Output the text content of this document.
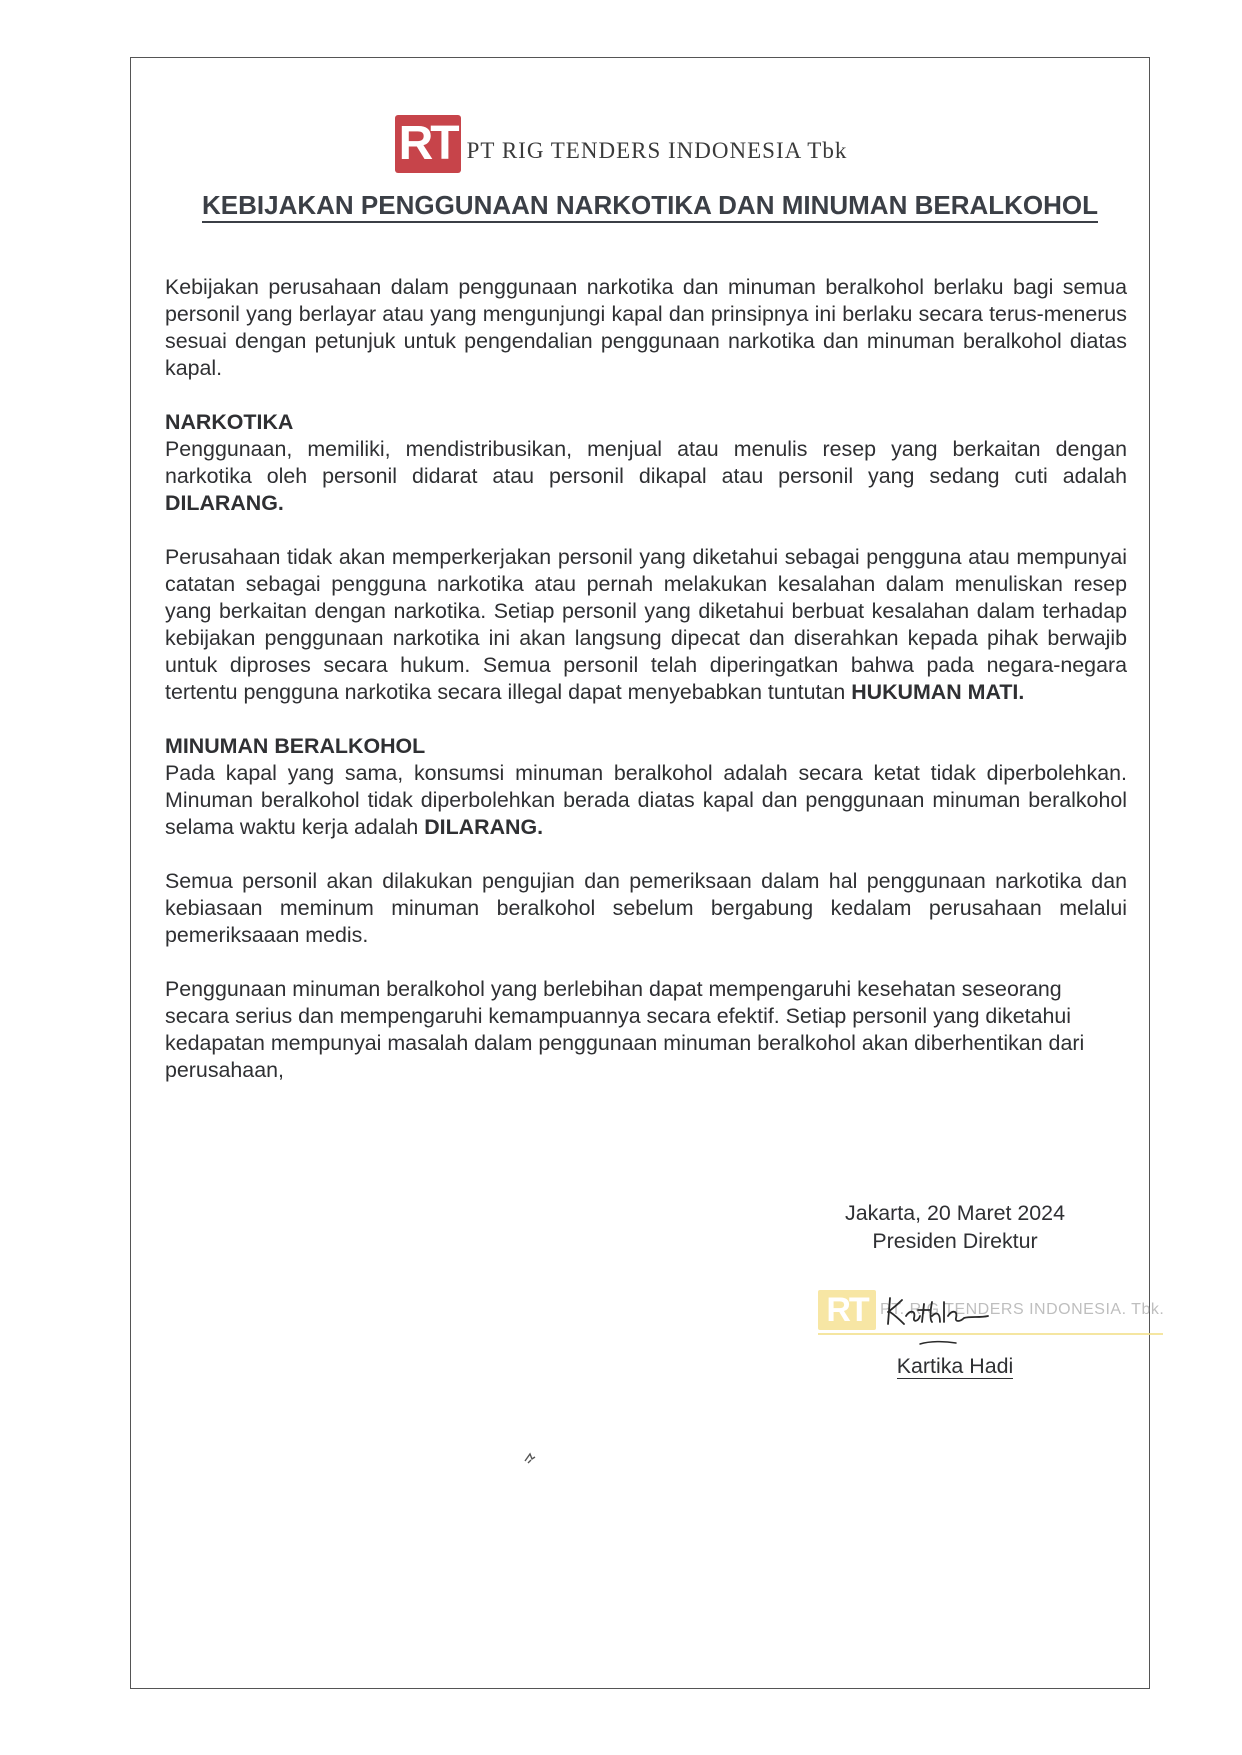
RT PT RIG TENDERS INDONESIA Tbk
KEBIJAKAN PENGGUNAAN NARKOTIKA DAN MINUMAN BERALKOHOL

Kebijakan perusahaan dalam penggunaan narkotika dan minuman beralkohol berlaku bagi semua personil yang berlayar atau yang mengunjungi kapal dan prinsipnya ini berlaku secara terus-menerus sesuai dengan petunjuk untuk pengendalian penggunaan narkotika dan minuman beralkohol diatas kapal.

NARKOTIKA

Penggunaan, memiliki, mendistribusikan, menjual atau menulis resep yang berkaitan dengan narkotika oleh personil didarat atau personil dikapal atau personil yang sedang cuti adalah DILARANG.

Perusahaan tidak akan memperkerjakan personil yang diketahui sebagai pengguna atau mempunyai catatan sebagai pengguna narkotika atau pernah melakukan kesalahan dalam menuliskan resep yang berkaitan dengan narkotika. Setiap personil yang diketahui berbuat kesalahan dalam terhadap kebijakan penggunaan narkotika ini akan langsung dipecat dan diserahkan kepada pihak berwajib untuk diproses secara hukum. Semua personil telah diperingatkan bahwa pada negara-negara tertentu pengguna narkotika secara illegal dapat menyebabkan tuntutan HUKUMAN MATI.

MINUMAN BERALKOHOL

Pada kapal yang sama, konsumsi minuman beralkohol adalah secara ketat tidak diperbolehkan. Minuman beralkohol tidak diperbolehkan berada diatas kapal dan penggunaan minuman beralkohol selama waktu kerja adalah DILARANG.

Semua personil akan dilakukan pengujian dan pemeriksaan dalam hal penggunaan narkotika dan kebiasaan meminum minuman beralkohol sebelum bergabung kedalam perusahaan melalui pemeriksaaan medis.

Penggunaan minuman beralkohol yang berlebihan dapat mempengaruhi kesehatan seseorang secara serius dan mempengaruhi kemampuannya secara efektif. Setiap personil yang diketahui kedapatan mempunyai masalah dalam penggunaan minuman beralkohol akan diberhentikan dari perusahaan,

Jakarta, 20 Maret 2024
Presiden Direktur
RT PT. RIG TENDERS INDONESIA. Tbk.
Kartika Hadi
